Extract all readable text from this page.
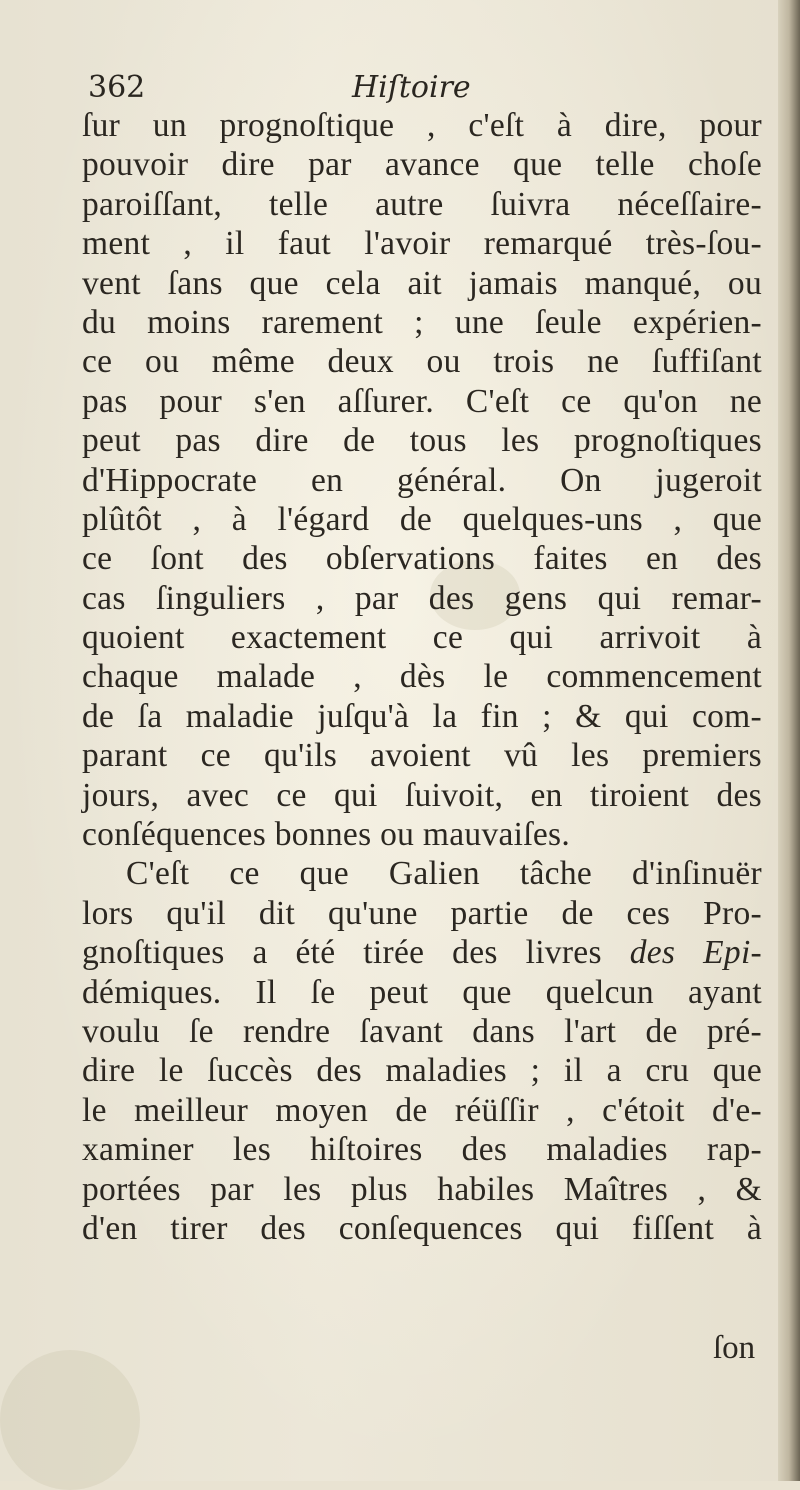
362	Hiſtoire
ſur un prognoſtique , c'eſt à dire, pour
pouvoir dire par avance que telle choſe
paroiſſant, telle autre ſuivra néceſſaire-
ment , il faut l'avoir remarqué très-ſou-
vent ſans que cela ait jamais manqué, ou
du moins rarement ; une ſeule expérien-
ce ou même deux ou trois ne ſuffiſant
pas pour s'en aſſurer. C'eſt ce qu'on ne
peut pas dire de tous les prognoſtiques
d'Hippocrate en général. On jugeroit
plûtôt , à l'égard de quelques-uns , que
ce ſont des obſervations faites en des
cas ſinguliers , par des gens qui remar-
quoient exactement ce qui arrivoit à
chaque malade , dès le commencement
de ſa maladie juſqu'à la fin ; & qui com-
parant ce qu'ils avoient vû les premiers
jours, avec ce qui ſuivoit, en tiroient des
conſéquences bonnes ou mauvaiſes.
C'eſt ce que Galien tâche d'inſinuër
lors qu'il dit qu'une partie de ces Pro-
gnoſtiques a été tirée des livres des Epi-
démiques. Il ſe peut que quelcun ayant
voulu ſe rendre ſavant dans l'art de pré-
dire le ſuccès des maladies ; il a cru que
le meilleur moyen de réüſſir , c'étoit d'e-
xaminer les hiſtoires des maladies rap-
portées par les plus habiles Maîtres , &
d'en tirer des conſequences qui fiſſent à
ſon
